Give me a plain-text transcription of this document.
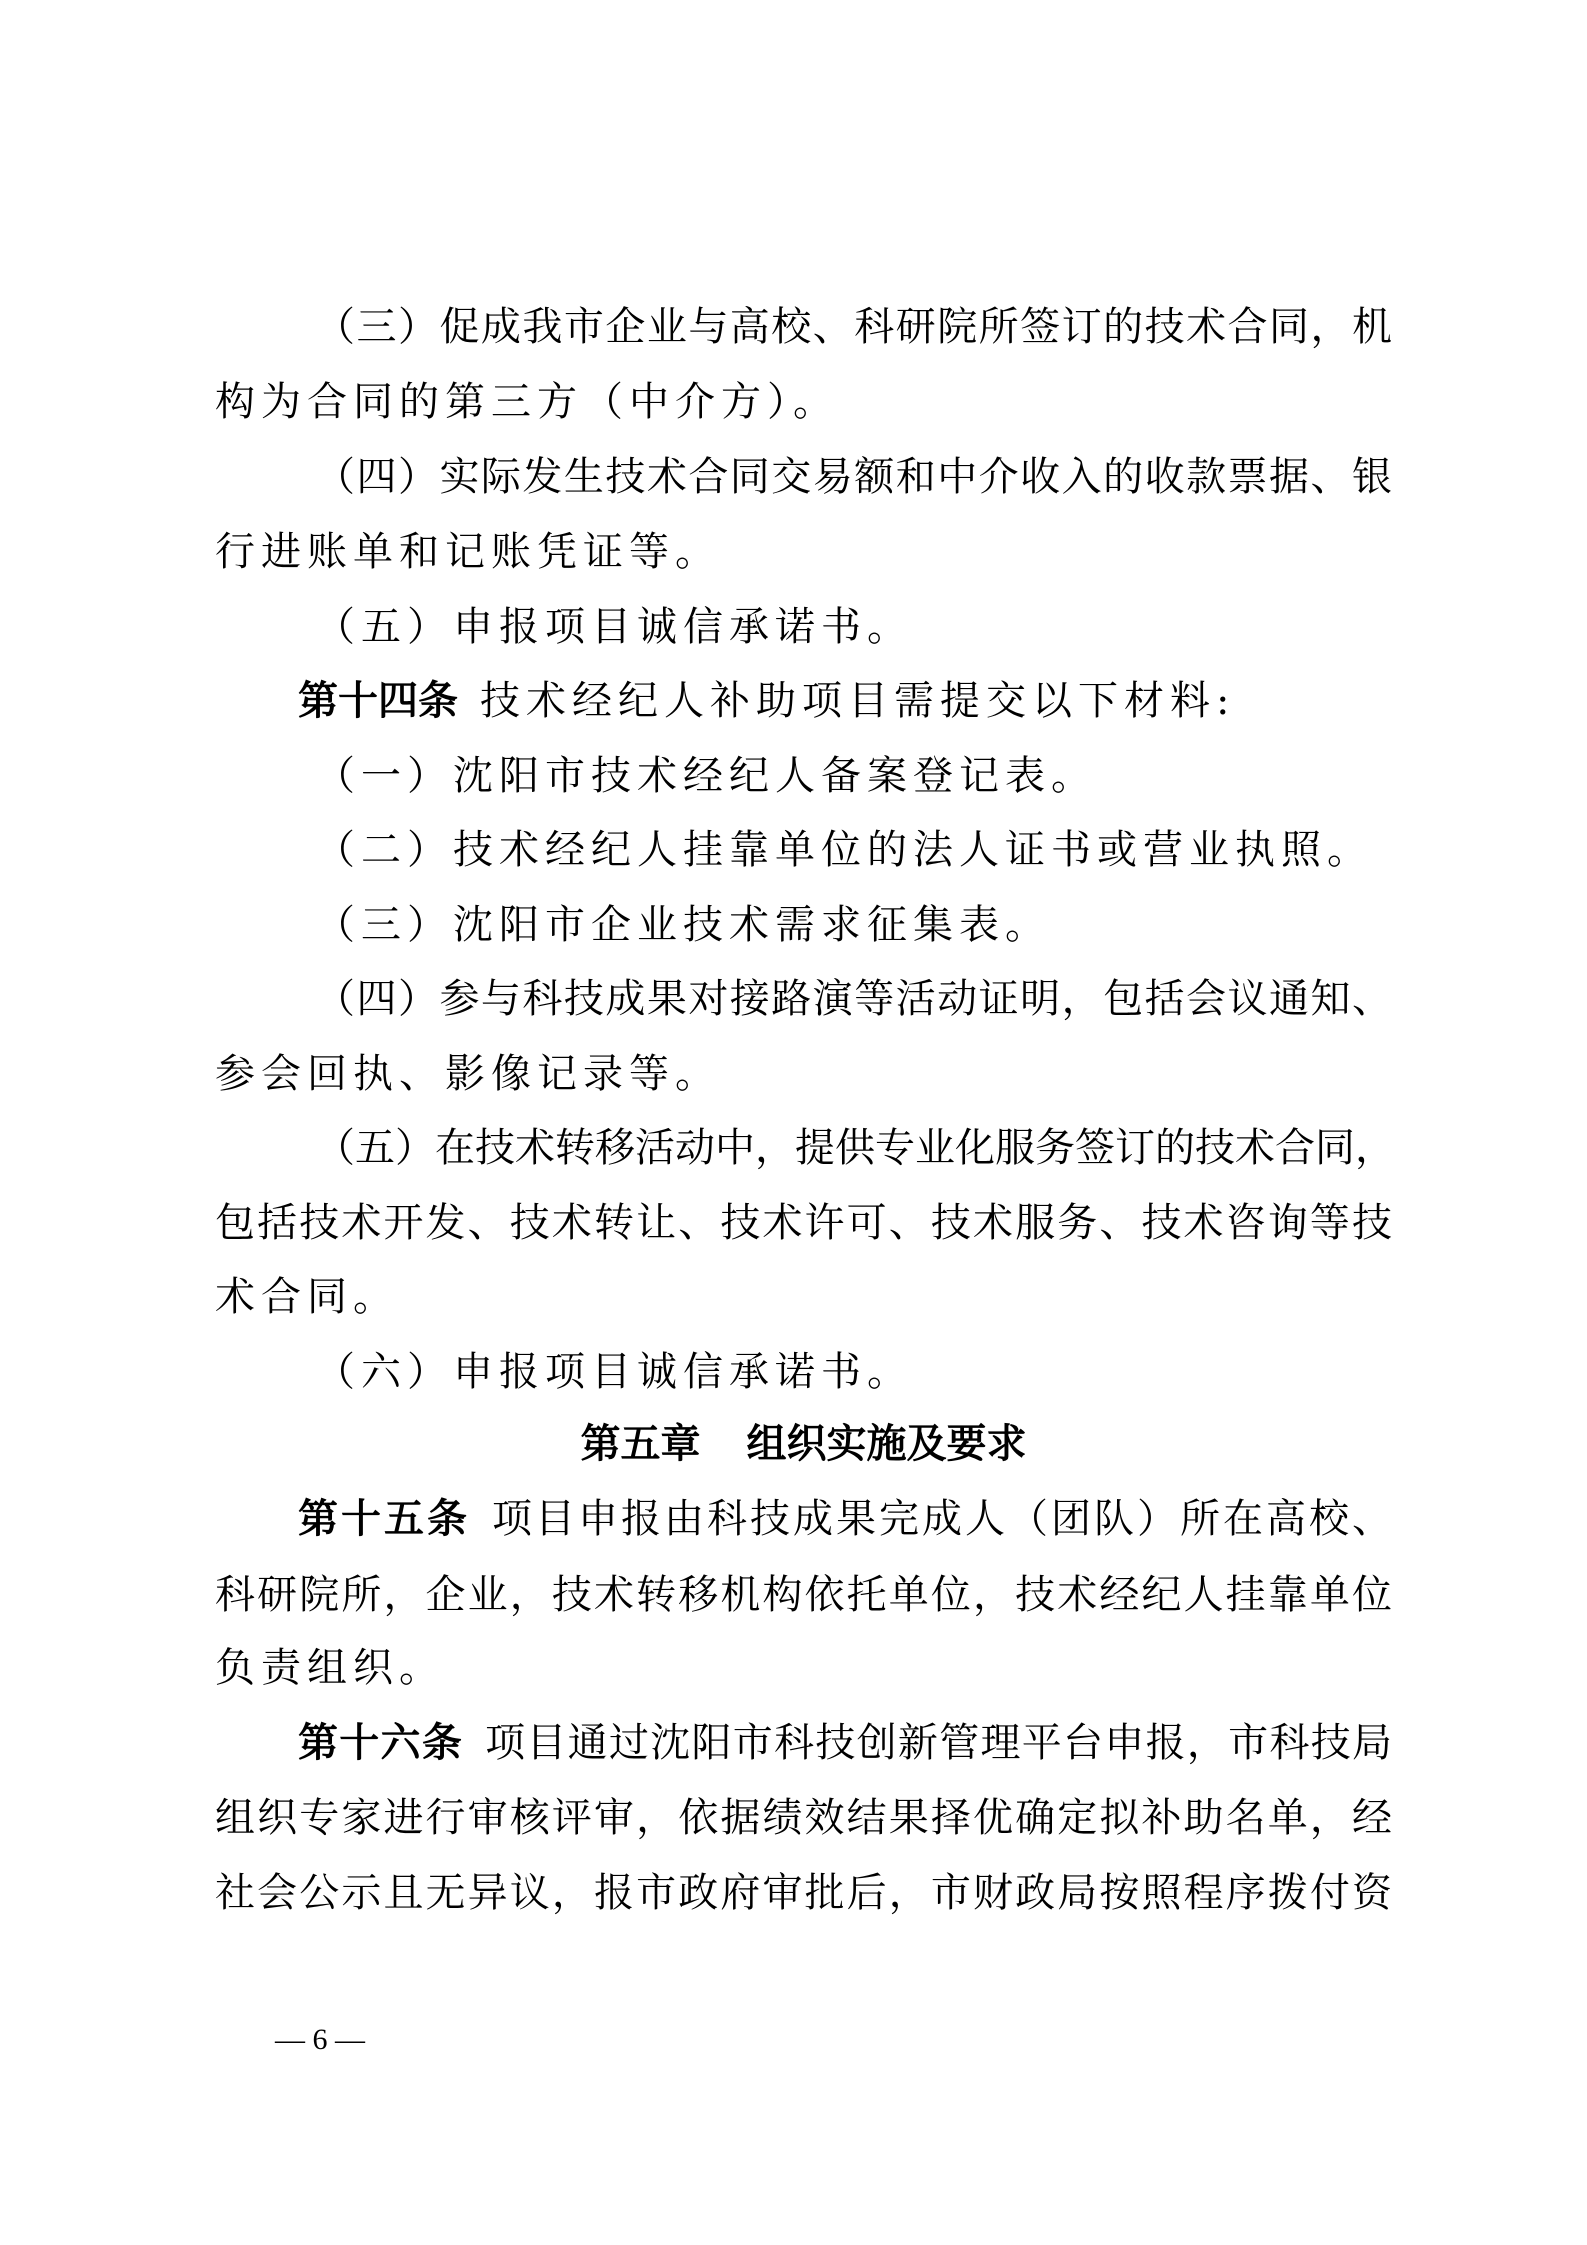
（三）促成我市企业与高校、科研院所签订的技术合同，机
构为合同的第三方（中介方）。
（四）实际发生技术合同交易额和中介收入的收款票据、银
行进账单和记账凭证等。
（五）申报项目诚信承诺书。
第十四条 技术经纪人补助项目需提交以下材料:
（一）沈阳市技术经纪人备案登记表。
（二）技术经纪人挂靠单位的法人证书或营业执照。
（三）沈阳市企业技术需求征集表。
（四）参与科技成果对接路演等活动证明，包括会议通知、
参会回执、影像记录等。
（五）在技术转移活动中，提供专业化服务签订的技术合同，
包括技术开发、技术转让、技术许可、技术服务、技术咨询等技
术合同。
（六）申报项目诚信承诺书。
第五章 组织实施及要求
第十五条 项目申报由科技成果完成人（团队）所在高校、
科研院所，企业，技术转移机构依托单位，技术经纪人挂靠单位
负责组织。
第十六条 项目通过沈阳市科技创新管理平台申报，市科技局
组织专家进行审核评审，依据绩效结果择优确定拟补助名单，经
社会公示且无异议，报市政府审批后，市财政局按照程序拨付资
— 6 —
